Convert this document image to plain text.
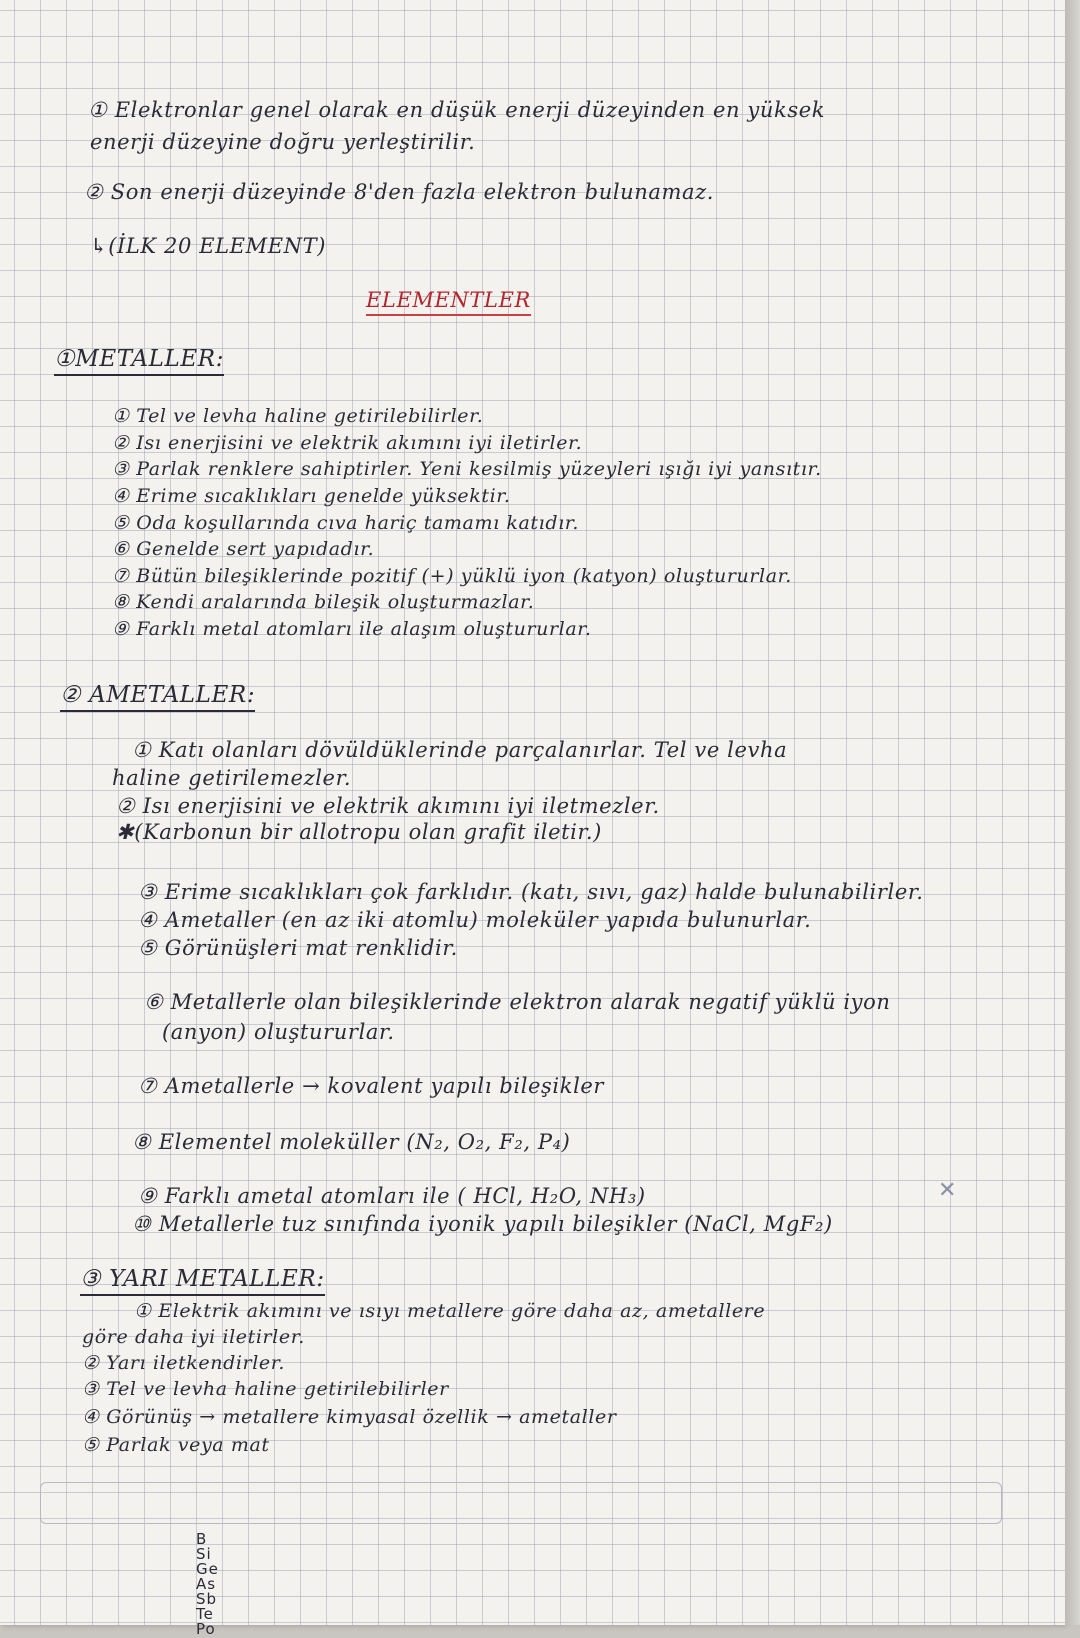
① Elektronlar genel olarak en düşük enerji düzeyinden en yüksek
enerji düzeyine doğru yerleştirilir.
② Son enerji düzeyinde 8'den fazla elektron bulunamaz.
↳(İLK 20 ELEMENT)
ELEMENTLER
①METALLER:
① Tel ve levha haline getirilebilirler.
② Isı enerjisini ve elektrik akımını iyi iletirler.
③ Parlak renklere sahiptirler. Yeni kesilmiş yüzeyleri ışığı iyi yansıtır.
④ Erime sıcaklıkları genelde yüksektir.
⑤ Oda koşullarında cıva hariç tamamı katıdır.
⑥ Genelde sert yapıdadır.
⑦ Bütün bileşiklerinde pozitif (+) yüklü iyon (katyon) oluştururlar.
⑧ Kendi aralarında bileşik oluşturmazlar.
⑨ Farklı metal atomları ile alaşım oluştururlar.
② AMETALLER:
① Katı olanları dövüldüklerinde parçalanırlar. Tel ve levha
haline getirilemezler.
② Isı enerjisini ve elektrik akımını iyi iletmezler.
✱(Karbonun bir allotropu olan grafit iletir.)
③ Erime sıcaklıkları çok farklıdır. (katı, sıvı, gaz) halde bulunabilirler.
④ Ametaller (en az iki atomlu) moleküler yapıda bulunurlar.
⑤ Görünüşleri mat renklidir.
⑥ Metallerle olan bileşiklerinde elektron alarak negatif yüklü iyon
(anyon) oluştururlar.
⑦ Ametallerle → kovalent yapılı bileşikler
⑧ Elementel moleküller (N₂, O₂, F₂, P₄)
⑨ Farklı ametal atomları ile ( HCl, H₂O, NH₃)
⑩ Metallerle tuz sınıfında iyonik yapılı bileşikler (NaCl, MgF₂)
✕
③ YARI METALLER:
① Elektrik akımını ve ısıyı metallere göre daha az, ametallere
göre daha iyi iletirler.
② Yarı iletkendirler.
③ Tel ve levha haline getirilebilirler
④ Görünüş → metallere kimyasal özellik → ametaller
⑤ Parlak veya mat
B
Si
Ge
As
Sb
Te
Po
